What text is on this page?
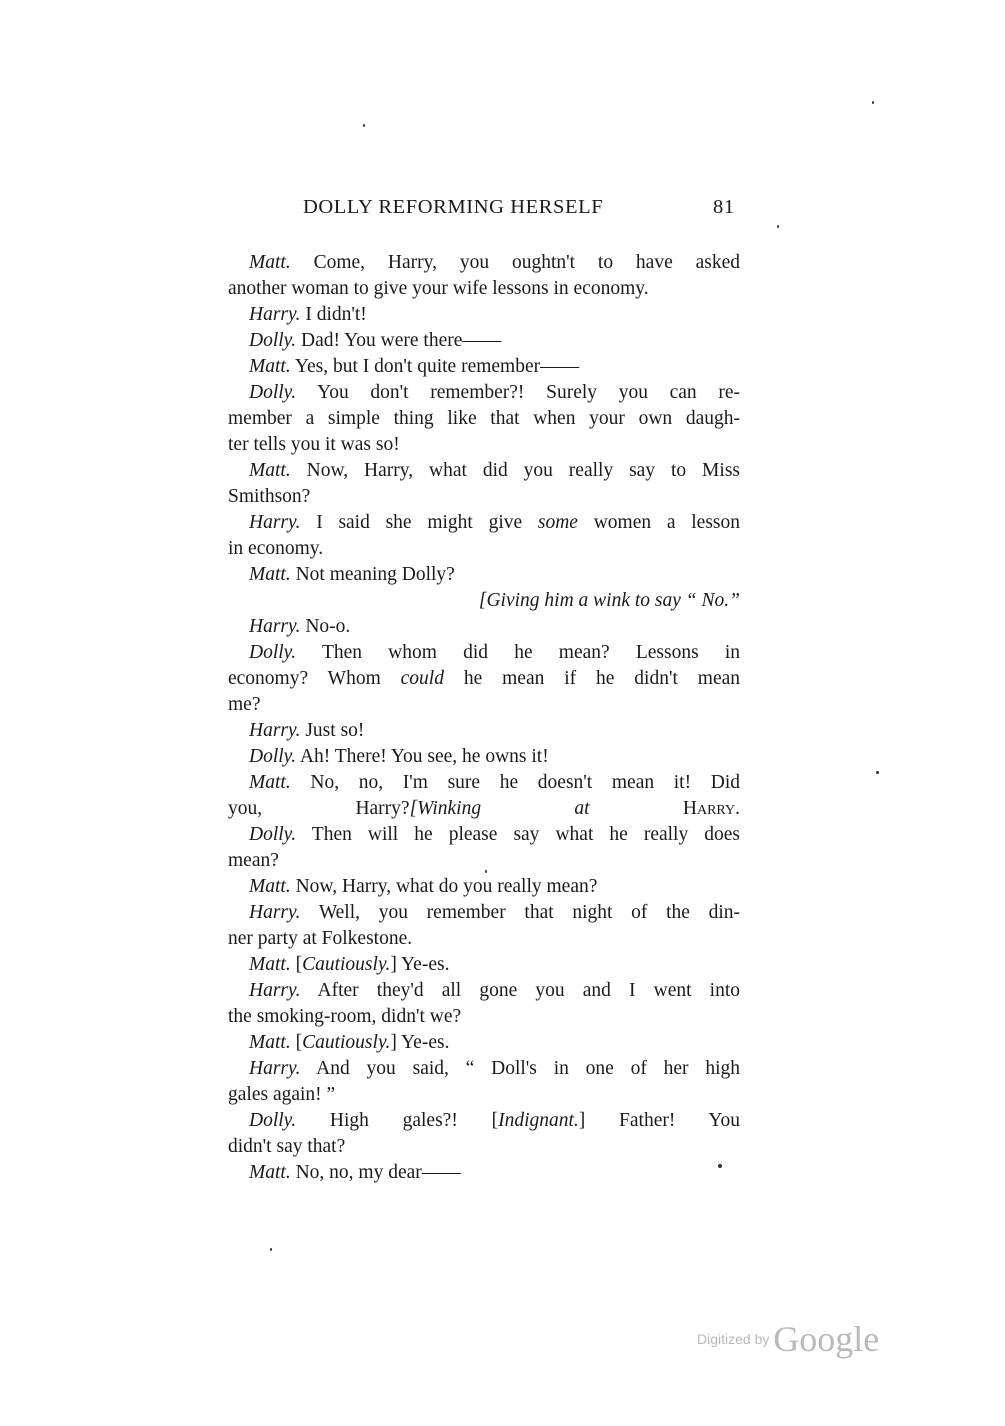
DOLLY REFORMING HERSELF	81
Matt. Come, Harry, you oughtn't to have asked
another woman to give your wife lessons in economy.
Harry. I didn't!
Dolly. Dad! You were there——
Matt. Yes, but I don't quite remember——
Dolly. You don't remember?! Surely you can re-
member a simple thing like that when your own daugh-
ter tells you it was so!
Matt. Now, Harry, what did you really say to Miss
Smithson?
Harry. I said she might give some women a lesson
in economy.
Matt. Not meaning Dolly?
[Giving him a wink to say “ No.”
Harry. No-o.
Dolly. Then whom did he mean? Lessons in
economy? Whom could he mean if he didn't mean
me?
Harry. Just so!
Dolly. Ah! There! You see, he owns it!
Matt. No, no, I'm sure he doesn't mean it! Did
you, Harry?[Winking at Harry.
Dolly. Then will he please say what he really does
mean?
Matt. Now, Harry, what do you really mean?
Harry. Well, you remember that night of the din-
ner party at Folkestone.
Matt. [Cautiously.] Ye-es.
Harry. After they'd all gone you and I went into
the smoking-room, didn't we?
Matt. [Cautiously.] Ye-es.
Harry. And you said, “ Doll's in one of her high
gales again! ”
Dolly. High gales?! [Indignant.] Father! You
didn't say that?
Matt. No, no, my dear——
Digitized by Google
